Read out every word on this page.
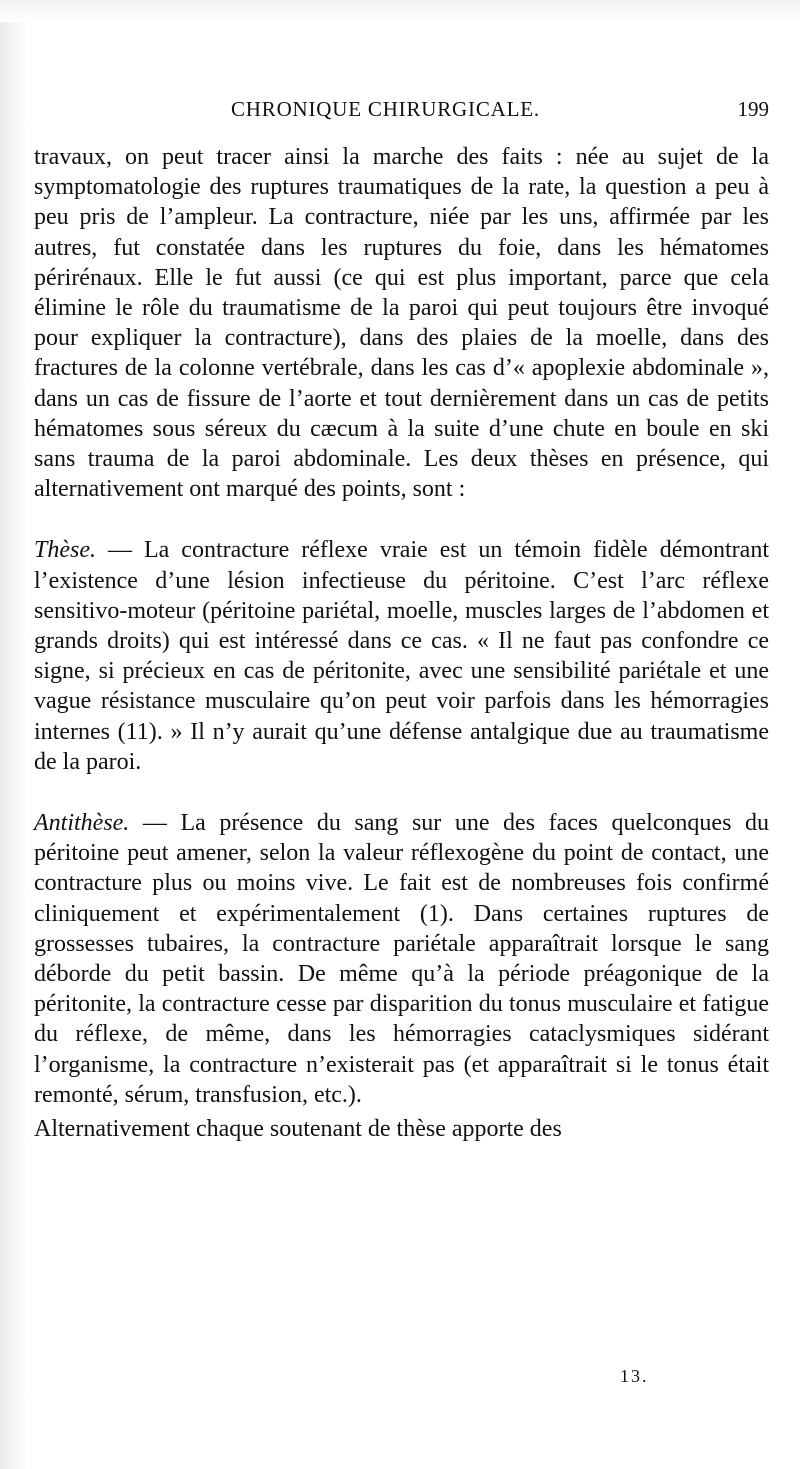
CHRONIQUE CHIRURGICALE.	199

travaux, on peut tracer ainsi la marche des faits : née au sujet de la symptomatologie des ruptures traumatiques de la rate, la question a peu à peu pris de l’ampleur. La contracture, niée par les uns, affirmée par les autres, fut constatée dans les ruptures du foie, dans les hématomes périrénaux. Elle le fut aussi (ce qui est plus important, parce que cela élimine le rôle du traumatisme de la paroi qui peut toujours être invoqué pour expliquer la contracture), dans des plaies de la moelle, dans des fractures de la colonne vertébrale, dans les cas d’« apoplexie abdominale », dans un cas de fissure de l’aorte et tout dernièrement dans un cas de petits hématomes sous séreux du cæcum à la suite d’une chute en boule en ski sans trauma de la paroi abdominale. Les deux thèses en présence, qui alternativement ont marqué des points, sont :

Thèse. — La contracture réflexe vraie est un témoin fidèle démontrant l’existence d’une lésion infectieuse du péritoine. C’est l’arc réflexe sensitivo-moteur (péritoine pariétal, moelle, muscles larges de l’abdomen et grands droits) qui est intéressé dans ce cas. « Il ne faut pas confondre ce signe, si précieux en cas de péritonite, avec une sensibilité pariétale et une vague résistance musculaire qu’on peut voir parfois dans les hémorragies internes (11). » Il n’y aurait qu’une défense antalgique due au traumatisme de la paroi.

Antithèse. — La présence du sang sur une des faces quelconques du péritoine peut amener, selon la valeur réflexogène du point de contact, une contracture plus ou moins vive. Le fait est de nombreuses fois confirmé cliniquement et expérimentalement (1). Dans certaines ruptures de grossesses tubaires, la contracture pariétale apparaîtrait lorsque le sang déborde du petit bassin. De même qu’à la période préagonique de la péritonite, la contracture cesse par disparition du tonus musculaire et fatigue du réflexe, de même, dans les hémorragies cataclysmiques sidérant l’organisme, la contracture n’existerait pas (et apparaîtrait si le tonus était remonté, sérum, transfusion, etc.).

Alternativement chaque soutenant de thèse apporte des

13.
